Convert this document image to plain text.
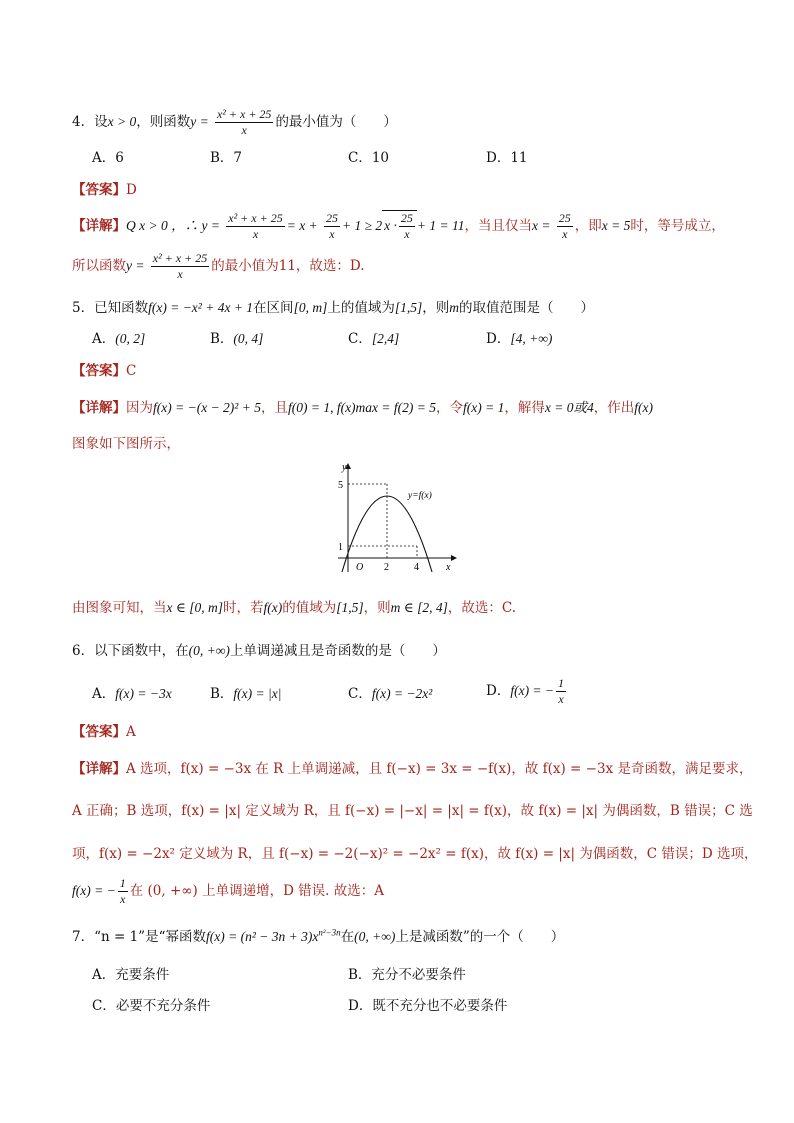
4．设x > 0，则函数$y = \frac{\text{x² + x + 25}}{x}$ 的最小值为（　　）
A．6	B．7	C．10	D．11
【答案】D
【详解】Q x > 0 ，∴ $y = \frac{\text{x² + x + 25}}{x} = x + \frac{25}{x} + 1 \ge 2$ $x \cdot \frac{25}{x} + 1 = 11$，当且仅当$x = \frac{25}{x}$ ，即x = 5时，等号成立，
所以函数$y = \frac{\text{x² + x + 25}}{x}$ 的最小值为11，故选：D.
5．已知函数f(x) = −x² + 4x + 1在区间[0, m]上的值域为[1,5]，则m的取值范围是（　　）
A．(0, 2]	B．(0, 4]	C．[2,4]	D．[4, +∞)
【答案】C
【详解】因为f(x) = −(x − 2)² + 5，且f(0) = 1, f(x)max = f(2) = 5，令f(x) = 1，解得x = 0或4，作出f(x)
图象如下图所示，
y
x
O 2	4
1
5
y=f(x)
由图象可知，当x ∈ [0, m]时，若f(x)的值域为[1,5]，则m ∈ [2, 4]，故选：C.
6．以下函数中，在(0, +∞)上单调递减且是奇函数的是（　　）
A．f(x) = −3x	B．f(x) = |x|	C．f(x) = −2x²	D．f(x) = − $\frac{1}{x}$
【答案】A
【详解】A 选项，f(x) = −3x 在 R 上单调递减，且 f(−x) = 3x = −f(x)，故 f(x) = −3x 是奇函数，满足要求，
A 正确；B 选项，f(x) = |x| 定义域为 R，且 f(−x) = |−x| = |x| = f(x)，故 f(x) = |x| 为偶函数，B 错误；C 选
项，f(x) = −2x² 定义域为 R，且 f(−x) = −2(−x)² = −2x² = f(x)，故 f(x) = |x| 为偶函数，C 错误；D 选项，
f(x) = − $\frac{1}{x}$ 在 (0, +∞) 上单调递增，D 错误. 故选：A
7．“n = 1”是“幂函数$f(x) = (n^2 - 3n + 3)x^{n^2-3n}$在(0, +∞)上是减函数”的一个（　　）
A．充要条件	B．充分不必要条件
C．必要不充分条件	D．既不充分也不必要条件
